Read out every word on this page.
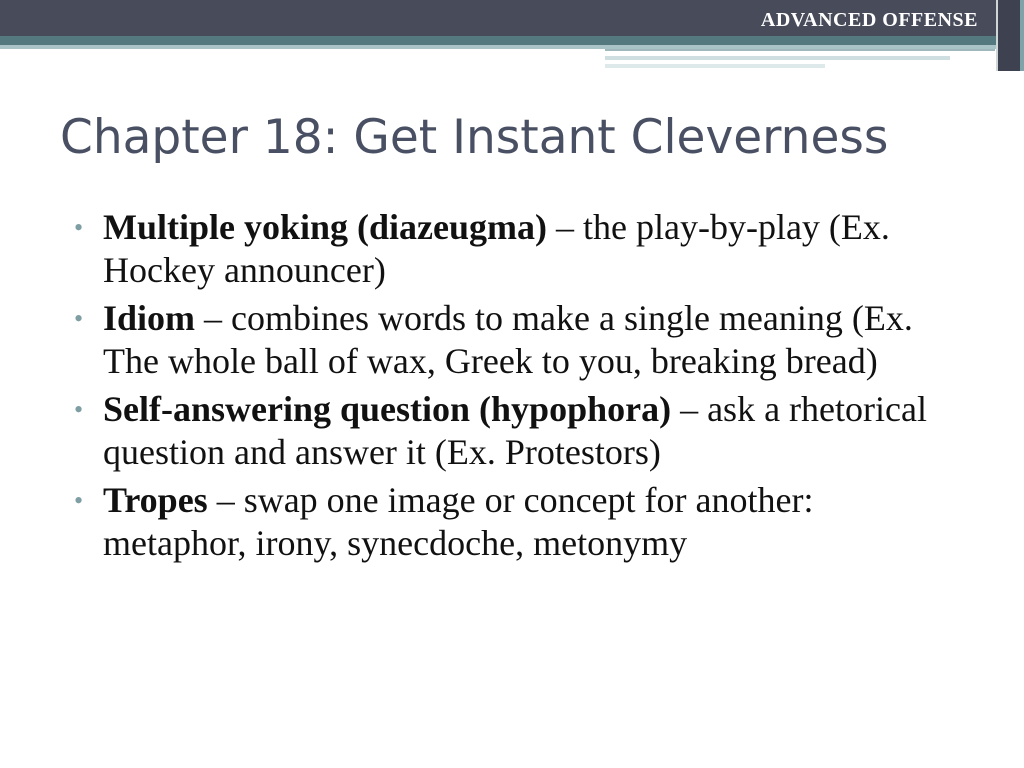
ADVANCED OFFENSE
Chapter 18: Get Instant Cleverness
• Multiple yoking (diazeugma) – the play-by-play (Ex. Hockey announcer)
• Idiom – combines words to make a single meaning (Ex. The whole ball of wax, Greek to you, breaking bread)
• Self-answering question (hypophora) – ask a rhetorical question and answer it (Ex. Protestors)
• Tropes – swap one image or concept for another: metaphor, irony, synecdoche, metonymy
